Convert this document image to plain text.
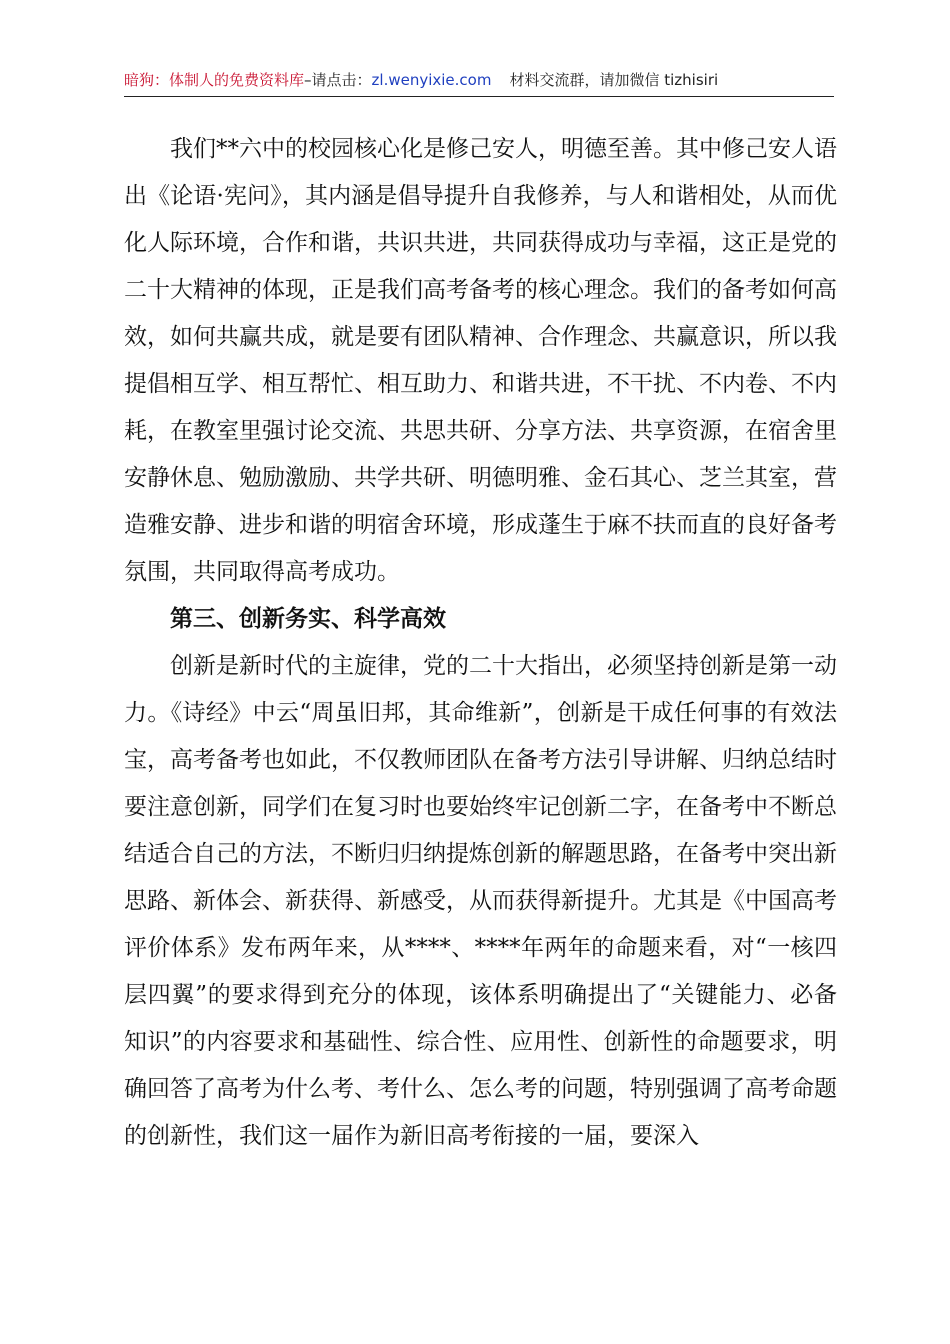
暗狗：体制人的免费资料库–请点击：zl.wenyixie.com 材料交流群，请加微信 tizhisiri

我们**六中的校园核心化是修己安人，明德至善。其中修己安人语出《论语·宪问》，其内涵是倡导提升自我修养，与人和谐相处，从而优化人际环境，合作和谐，共识共进，共同获得成功与幸福，这正是党的二十大精神的体现，正是我们高考备考的核心理念。我们的备考如何高效，如何共赢共成，就是要有团队精神、合作理念、共赢意识，所以我提倡相互学、相互帮忙、相互助力、和谐共进，不干扰、不内卷、不内耗，在教室里强讨论交流、共思共研、分享方法、共享资源，在宿舍里安静休息、勉励激励、共学共研、明德明雅、金石其心、芝兰其室，营造雅安静、进步和谐的明宿舍环境，形成蓬生于麻不扶而直的良好备考氛围，共同取得高考成功。

第三、创新务实、科学高效

创新是新时代的主旋律，党的二十大指出，必须坚持创新是第一动力。《诗经》中云“周虽旧邦，其命维新”，创新是干成任何事的有效法宝，高考备考也如此，不仅教师团队在备考方法引导讲解、归纳总结时要注意创新，同学们在复习时也要始终牢记创新二字，在备考中不断总结适合自己的方法，不断归归纳提炼创新的解题思路，在备考中突出新思路、新体会、新获得、新感受，从而获得新提升。尤其是《中国高考评价体系》发布两年来，从****、****年两年的命题来看，对“一核四层四翼”的要求得到充分的体现，该体系明确提出了“关键能力、必备知识”的内容要求和基础性、综合性、应用性、创新性的命题要求，明确回答了高考为什么考、考什么、怎么考的问题，特别强调了高考命题的创新性，我们这一届作为新旧高考衔接的一届，要深入
